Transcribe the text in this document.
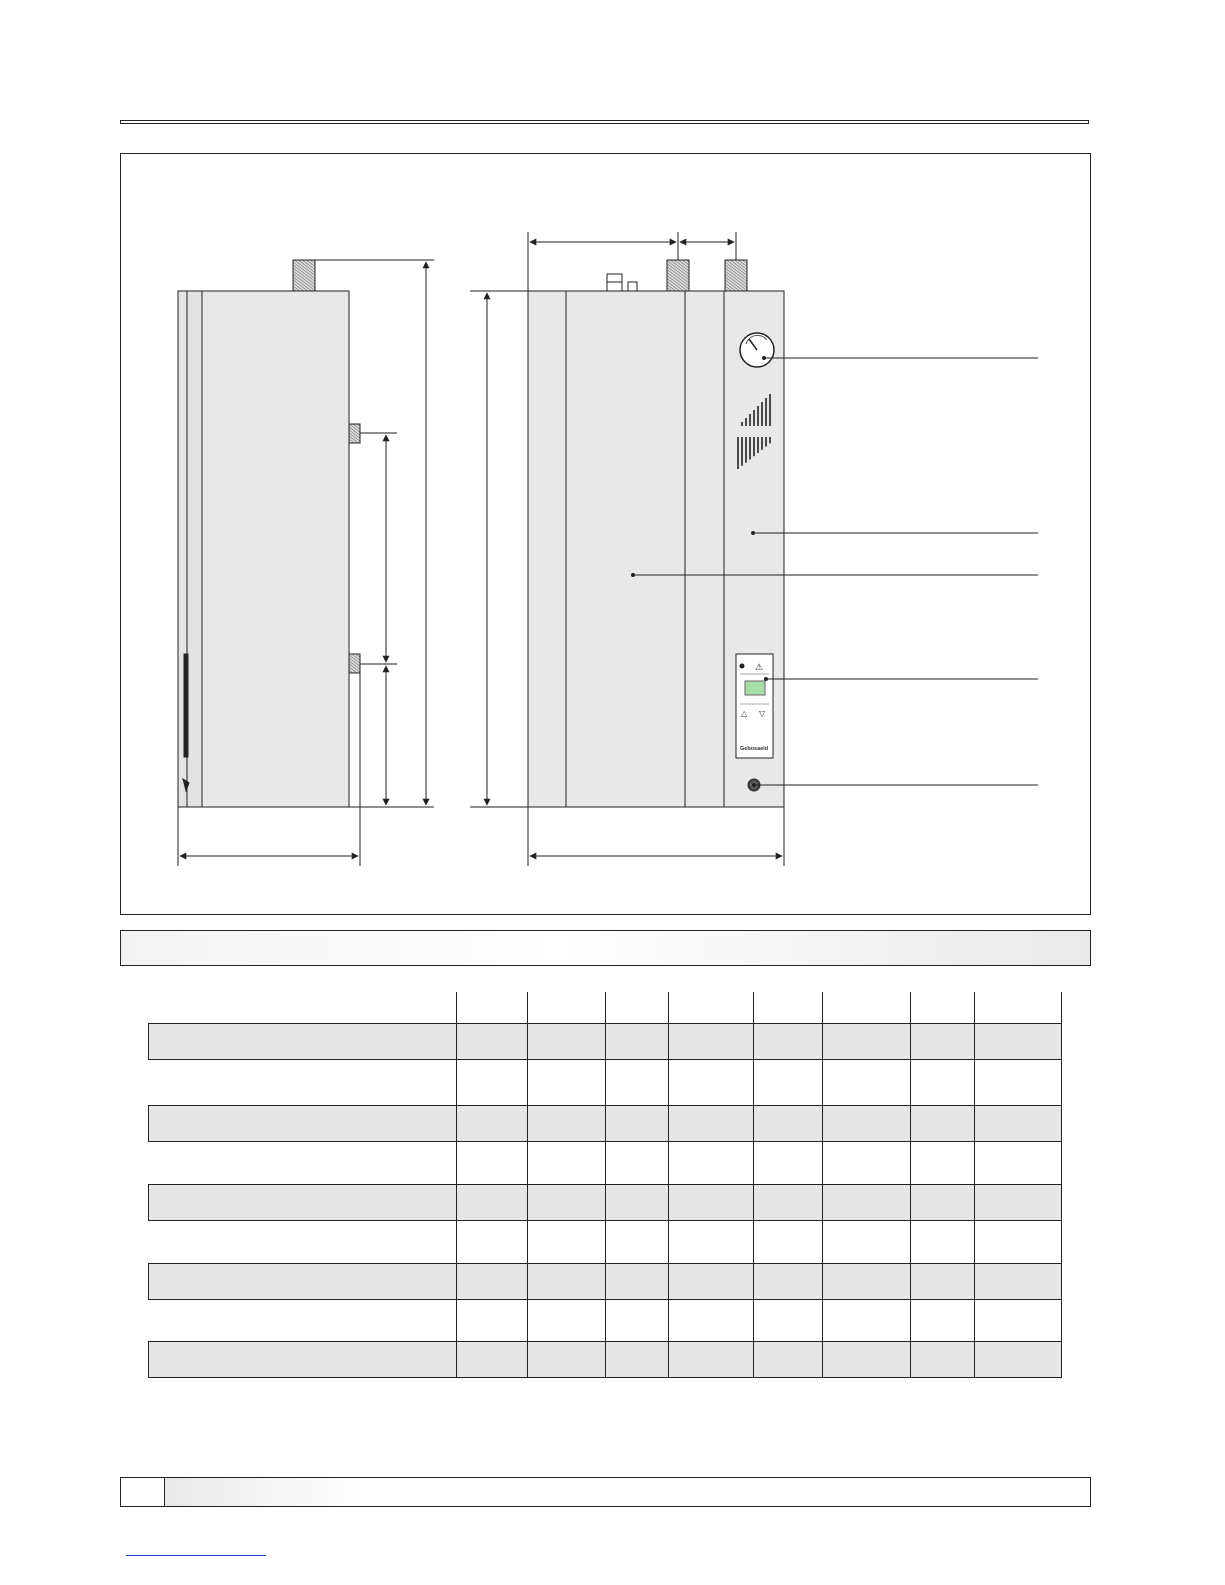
⚠
△ ▽
Gebosaeld
